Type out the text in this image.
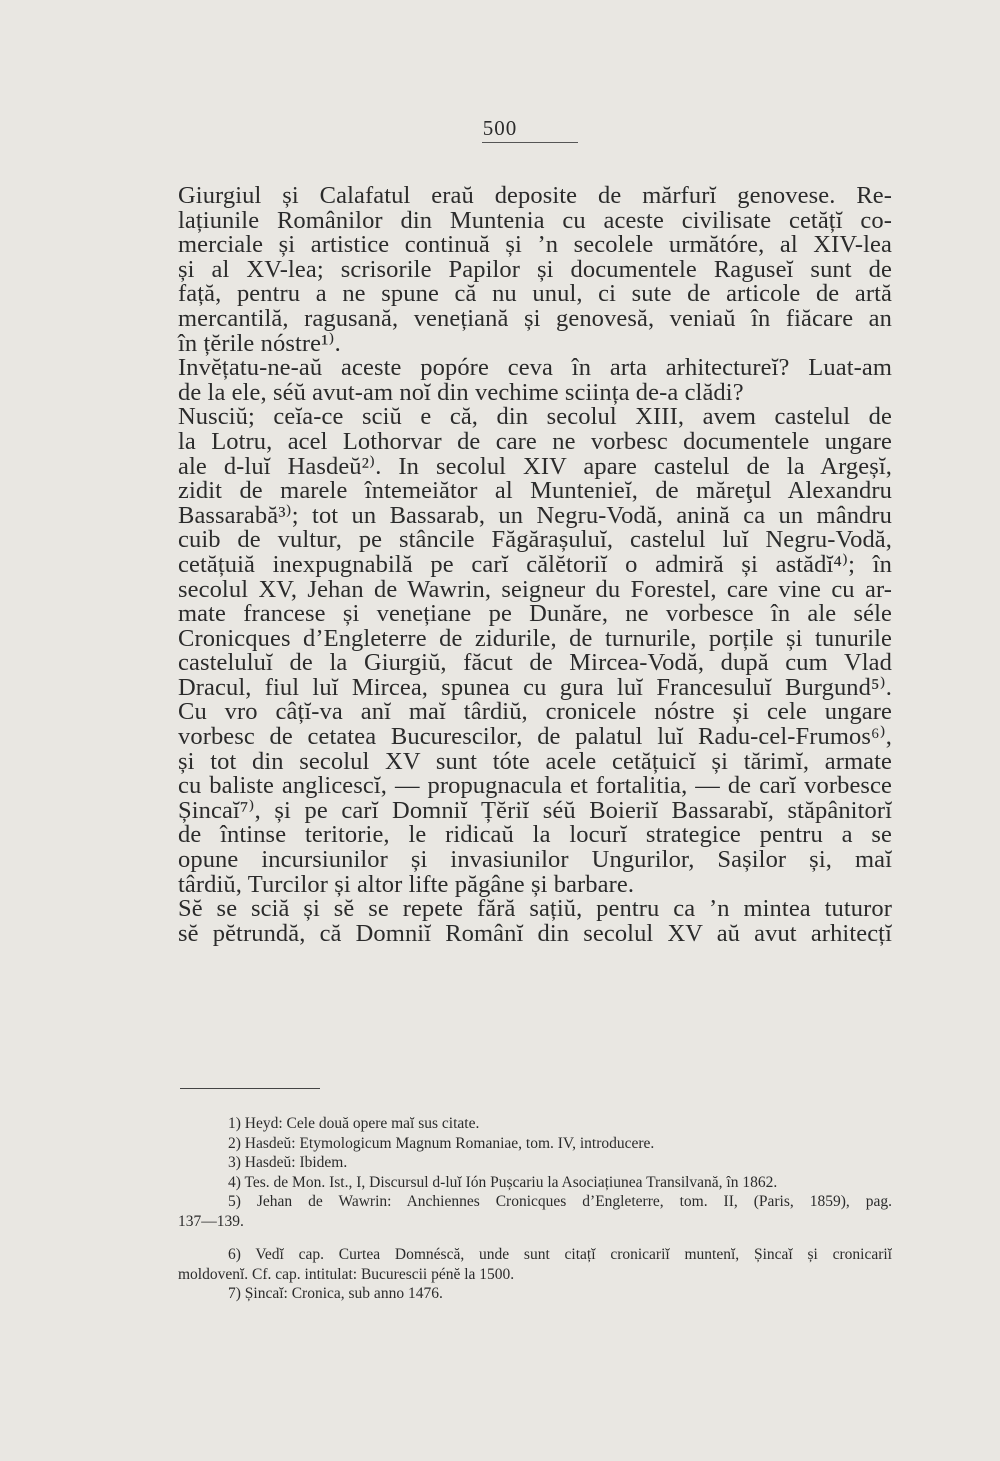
500
Giurgiul și Calafatul eraŭ deposite de mărfurĭ genovese. Re-
lațiunile Românilor din Muntenia cu aceste civilisate cetățĭ co-
merciale și artistice continuă și ’n secolele următóre, al XIV-lea
și al XV-lea; scrisorile Papilor și documentele Raguseĭ sunt de
față, pentru a ne spune că nu unul, ci sute de articole de artă
mercantilă, ragusană, venețiană și genovesă, veniaŭ în fiăcare an
în țĕrile nóstre¹⁾.
Invĕțatu-ne-aŭ aceste popóre ceva în arta arhitectureĭ? Luat-am
de la ele, séŭ avut-am noĭ din vechime sciința de-a clădi?
Nusciŭ; ceĭa-ce sciŭ e că, din secolul XIII, avem castelul de
la Lotru, acel Lothorvar de care ne vorbesc documentele ungare
ale d-luĭ Hasdeŭ²⁾. In secolul XIV apare castelul de la Argeșĭ,
zidit de marele întemeiător al Munteniеĭ, de măreţul Alexandru
Bassarabă³⁾; tot un Bassarab, un Negru-Vodă, anină ca un mândru
cuib de vultur, pe stâncile Făgărașuluĭ, castelul luĭ Negru-Vodă,
cetățuiă inexpugnabilă pe carĭ călĕtoriĭ o admiră și astădĭ⁴⁾; în
secolul XV, Jehan de Wawrin, seigneur du Forestel, care vine cu ar-
mate francese și venețiane pe Dunăre, ne vorbesce în ale séle
Cronicques d’Engleterre de zidurile, de turnurile, porțile și tunurile
casteluluĭ de la Giurgiŭ, făcut de Mircea-Vodă, după cum Vlad
Dracul, fiul luĭ Mircea, spunea cu gura luĭ Francesuluĭ Burgund⁵⁾.
Cu vro câțĭ-va anĭ maĭ târdiŭ, cronicele nóstre și cele ungare
vorbesc de cetatea Bucurescilor, de palatul luĭ Radu-cel-Frumos⁶⁾,
și tot din secolul XV sunt tóte acele cetățuicĭ și tărimĭ, armate
cu baliste anglicescĭ, — propugnacula et fortalitia, — de carĭ vorbesce
Șincaĭ⁷⁾, și pe carĭ Domniĭ Țĕriĭ séŭ Boieriĭ Bassarabĭ, stăpânitorĭ
de întinse teritorie, le ridicaŭ la locurĭ strategice pentru a se
opune incursiunilor și invasiunilor Ungurilor, Sașilor și, maĭ
târdiŭ, Turcilor și altor lifte păgâne și barbare.
Sĕ se sciă și sĕ se repete fără sațiŭ, pentru ca ’n mintea tuturor
sĕ pĕtrundă, că Domniĭ Românĭ din secolul XV aŭ avut arhitecțĭ
1) Heyd: Cele două opere maĭ sus citate.
2) Hasdeŭ: Etymologicum Magnum Romaniae, tom. IV, introducere.
3) Hasdeŭ: Ibidem.
4) Tes. de Mon. Ist., I, Discursul d-luĭ Ión Pușcariu la Asociațiunea Transilvană, în 1862.
5) Jehan de Wawrin: Anchiennes Cronicques d’Engleterre, tom. II, (Paris, 1859), pag.
137—139.
6) Vedĭ cap. Curtea Domnéscă, unde sunt citațĭ cronicariĭ muntenĭ, Șincaĭ și cronicariĭ
moldovenĭ. Cf. cap. intitulat: Bucurescii pénĕ la 1500.
7) Șincaĭ: Cronica, sub anno 1476.
